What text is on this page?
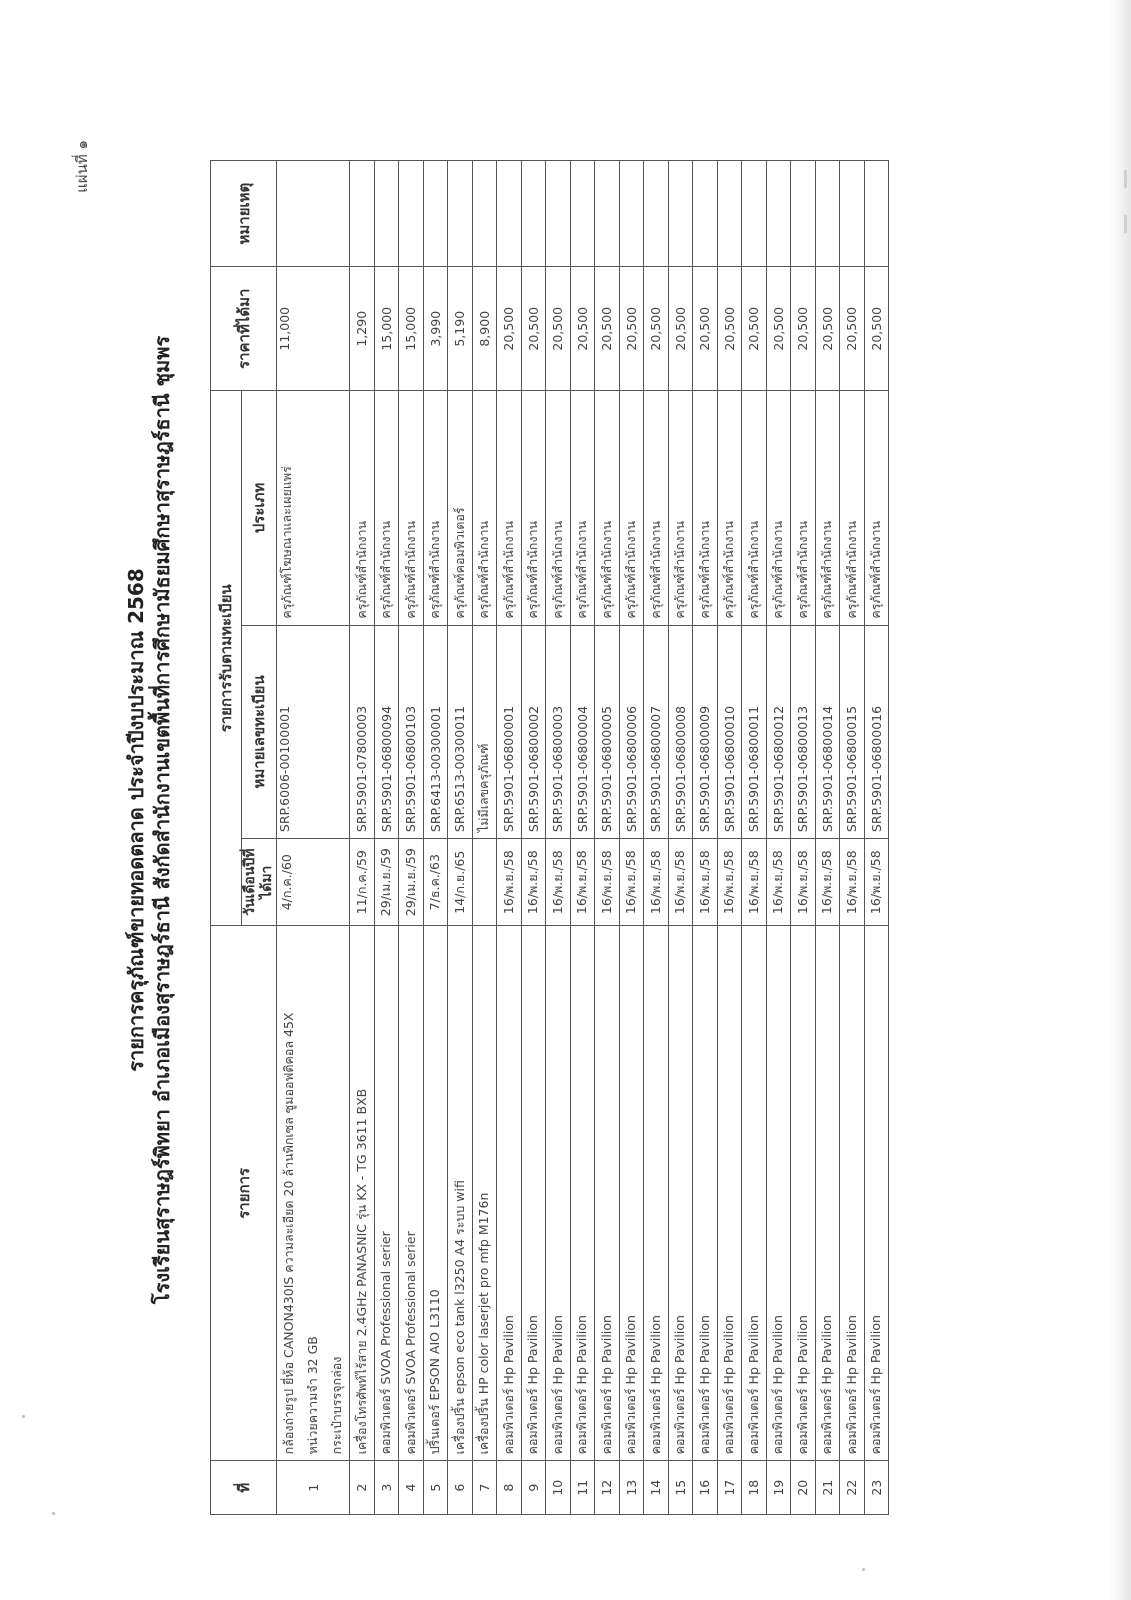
แผ่นที่ ๑
รายการครุภัณฑ์ขายทอดตลาด ประจำปีงบประมาณ 2568 โรงเรียนสุราษฎร์พิทยา อำเภอเมืองสุราษฎร์ธานี สังกัดสำนักงานเขตพื้นที่การศึกษามัธยมศึกษาสุราษฎร์ธานี ชุมพร
ที่	รายการ	รายการรับตามทะเบียน			ราคาที่ได้มา	หมายเหตุ
		วันเดือนปีที่ได้มา	หมายเลขทะเบียน	ประเภท		
1	กล้องถ่ายรูป ยี่ห้อ CANON430IS ความละเอียด 20 ล้านพิกเซล ซูมออฟติคอล 45X หน่วยความจำ 32 GB กระเป๋าบรรจุกล่อง	4/ก.ค./60	SRP.6006-00100001	ครุภัณฑ์โฆษณาและเผยแพร่	11,000	
2	เครื่องโทรศัพท์ไร้สาย 2.4GHz PANASNIC รุ่น KX - TG 3611 BXB	11/ก.ค./59	SRP.5901-07800003	ครุภัณฑ์สำนักงาน	1,290	
3	คอมพิวเตอร์ SVOA Professional serier	29/เม.ย./59	SRP.5901-06800094	ครุภัณฑ์สำนักงาน	15,000	
4	คอมพิวเตอร์ SVOA Professional serier	29/เม.ย./59	SRP.5901-06800103	ครุภัณฑ์สำนักงาน	15,000	
5	ปริ้นเตอร์ EPSON AIO L3110	7/ธ.ค./63	SRP.6413-00300001	ครุภัณฑ์สำนักงาน	3,990	
6	เครื่องปริ้น epson eco tank l3250 A4 ระบบ wifi	14/ก.ย./65	SRP.6513-00300011	ครุภัณฑ์คอมพิวเตอร์	5,190	
7	เครื่องปริ้น HP color laserjet pro mfp M176n		ไม่มีเลขครุภัณฑ์	ครุภัณฑ์สำนักงาน	8,900	
8	คอมพิวเตอร์ Hp Pavilion	16/พ.ย./58	SRP.5901-06800001	ครุภัณฑ์สำนักงาน	20,500	
9	คอมพิวเตอร์ Hp Pavilion	16/พ.ย./58	SRP.5901-06800002	ครุภัณฑ์สำนักงาน	20,500	
10	คอมพิวเตอร์ Hp Pavilion	16/พ.ย./58	SRP.5901-06800003	ครุภัณฑ์สำนักงาน	20,500	
11	คอมพิวเตอร์ Hp Pavilion	16/พ.ย./58	SRP.5901-06800004	ครุภัณฑ์สำนักงาน	20,500	
12	คอมพิวเตอร์ Hp Pavilion	16/พ.ย./58	SRP.5901-06800005	ครุภัณฑ์สำนักงาน	20,500	
13	คอมพิวเตอร์ Hp Pavilion	16/พ.ย./58	SRP.5901-06800006	ครุภัณฑ์สำนักงาน	20,500	
14	คอมพิวเตอร์ Hp Pavilion	16/พ.ย./58	SRP.5901-06800007	ครุภัณฑ์สำนักงาน	20,500	
15	คอมพิวเตอร์ Hp Pavilion	16/พ.ย./58	SRP.5901-06800008	ครุภัณฑ์สำนักงาน	20,500	
16	คอมพิวเตอร์ Hp Pavilion	16/พ.ย./58	SRP.5901-06800009	ครุภัณฑ์สำนักงาน	20,500	
17	คอมพิวเตอร์ Hp Pavilion	16/พ.ย./58	SRP.5901-06800010	ครุภัณฑ์สำนักงาน	20,500	
18	คอมพิวเตอร์ Hp Pavilion	16/พ.ย./58	SRP.5901-06800011	ครุภัณฑ์สำนักงาน	20,500	
19	คอมพิวเตอร์ Hp Pavilion	16/พ.ย./58	SRP.5901-06800012	ครุภัณฑ์สำนักงาน	20,500	
20	คอมพิวเตอร์ Hp Pavilion	16/พ.ย./58	SRP.5901-06800013	ครุภัณฑ์สำนักงาน	20,500	
21	คอมพิวเตอร์ Hp Pavilion	16/พ.ย./58	SRP.5901-06800014	ครุภัณฑ์สำนักงาน	20,500	
22	คอมพิวเตอร์ Hp Pavilion	16/พ.ย./58	SRP.5901-06800015	ครุภัณฑ์สำนักงาน	20,500	
23	คอมพิวเตอร์ Hp Pavilion	16/พ.ย./58	SRP.5901-06800016	ครุภัณฑ์สำนักงาน	20,500	
